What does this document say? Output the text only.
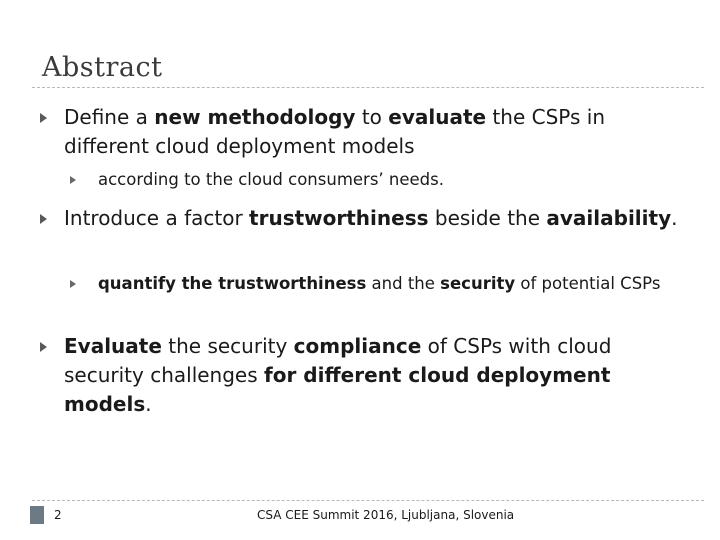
Abstract
Define a new methodology to evaluate the CSPs in different cloud deployment models
according to the cloud consumers’ needs.
Introduce a factor trustworthiness beside the availability.
quantify the trustworthiness and the security of potential CSPs
Evaluate the security compliance of CSPs with cloud security challenges for different cloud deployment models.
2	CSA CEE Summit 2016, Ljubljana, Slovenia
